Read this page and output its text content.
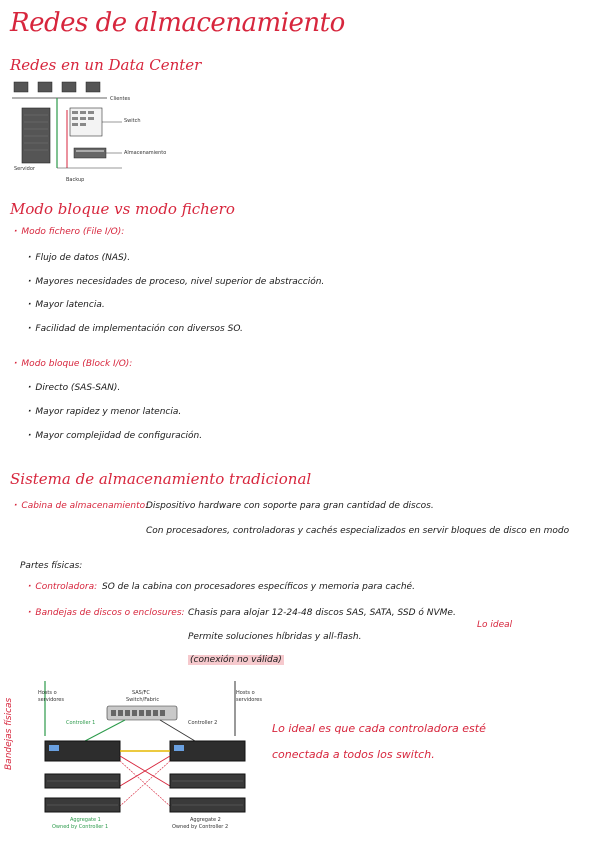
Redes de almacenamiento
Redes en un Data Center
Clientes
Servidor
Switch
Almacenamiento
Backup
Modo bloque vs modo fichero
· Modo fichero (File I/O):
· Flujo de datos (NAS).
· Mayores necesidades de proceso, nivel superior de abstracción.
· Mayor latencia.
· Facilidad de implementación con diversos SO.
· Modo bloque (Block I/O):
· Directo (SAS-SAN).
· Mayor rapidez y menor latencia.
· Mayor complejidad de configuración.
Sistema de almacenamiento tradicional
· Cabina de almacenamiento:
Dispositivo hardware con soporte para gran cantidad de discos.
Con procesadores, controladoras y cachés especializados en servir bloques de disco en modo
Partes físicas:
· Controladora: SO de la cabina con procesadores específicos y memoria para caché.
· Bandejas de discos o enclosures: Chasis para alojar 12-24-48 discos SAS, SATA, SSD ó NVMe.
Lo ideal
Permite soluciones híbridas y all-flash.
(conexión no válida)
Hosts o
servidores
Hosts o
servidores
SAS/FC
Switch/Fabric
Controller 1	Controller 2
Aggregate 1
Owned by Controller 1
Aggregate 2
Owned by Controller 2
Bandejas físicas	Lo ideal es que cada controladora esté
conectada a todos los switch.
